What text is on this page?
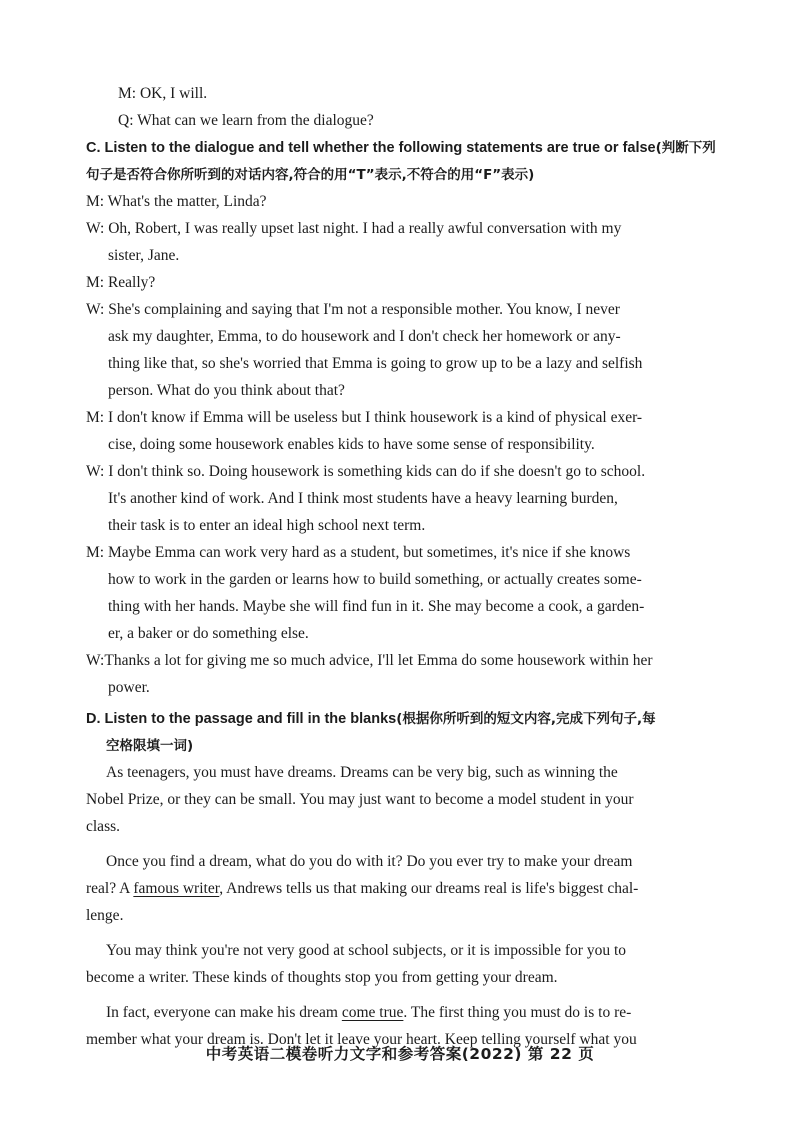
M: OK, I will.
Q: What can we learn from the dialogue?
C. Listen to the dialogue and tell whether the following statements are true or false(判断下列
句子是否符合你所听到的对话内容,符合的用“T”表示,不符合的用“F”表示)
M: What's the matter, Linda?
W: Oh, Robert, I was really upset last night. I had a really awful conversation with my
sister, Jane.
M: Really?
W: She's complaining and saying that I'm not a responsible mother. You know, I never
ask my daughter, Emma, to do housework and I don't check her homework or any-
thing like that, so she's worried that Emma is going to grow up to be a lazy and selfish
person. What do you think about that?
M: I don't know if Emma will be useless but I think housework is a kind of physical exer-
cise, doing some housework enables kids to have some sense of responsibility.
W: I don't think so. Doing housework is something kids can do if she doesn't go to school.
It's another kind of work. And I think most students have a heavy learning burden,
their task is to enter an ideal high school next term.
M: Maybe Emma can work very hard as a student, but sometimes, it's nice if she knows
how to work in the garden or learns how to build something, or actually creates some-
thing with her hands. Maybe she will find fun in it. She may become a cook, a garden-
er, a baker or do something else.
W:Thanks a lot for giving me so much advice, I'll let Emma do some housework within her
power.
D. Listen to the passage and fill in the blanks(根据你所听到的短文内容,完成下列句子,每
空格限填一词)
As teenagers, you must have dreams. Dreams can be very big, such as winning the
Nobel Prize, or they can be small. You may just want to become a model student in your
class.
Once you find a dream, what do you do with it? Do you ever try to make your dream
real? A famous writer, Andrews tells us that making our dreams real is life's biggest chal-
lenge.
You may think you're not very good at school subjects, or it is impossible for you to
become a writer. These kinds of thoughts stop you from getting your dream.
In fact, everyone can make his dream come true. The first thing you must do is to re-
member what your dream is. Don't let it leave your heart. Keep telling yourself what you
中考英语二模卷听力文字和参考答案(2022) 第 22 页
